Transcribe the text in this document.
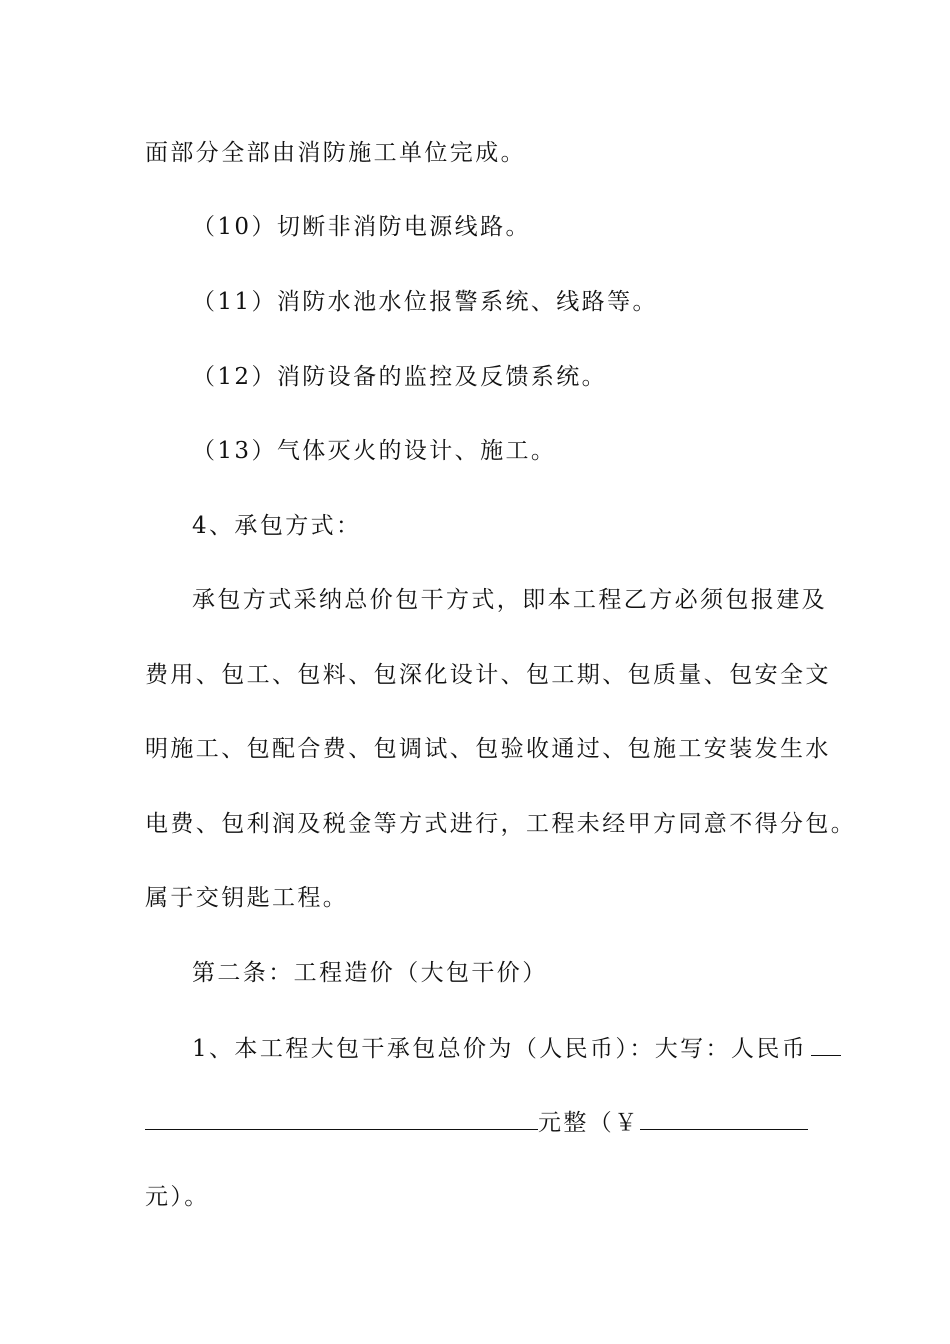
面部分全部由消防施工单位完成。
（10）切断非消防电源线路。
（11）消防水池水位报警系统、线路等。
（12）消防设备的监控及反馈系统。
（13）气体灭火的设计、施工。
4、承包方式：
承包方式采纳总价包干方式，即本工程乙方必须包报建及
费用、包工、包料、包深化设计、包工期、包质量、包安全文
明施工、包配合费、包调试、包验收通过、包施工安装发生水
电费、包利润及税金等方式进行，工程未经甲方同意不得分包。
属于交钥匙工程。
第二条：工程造价（大包干价）
1、本工程大包干承包总价为（人民币）：大写：人民币
元整（￥
元）。
